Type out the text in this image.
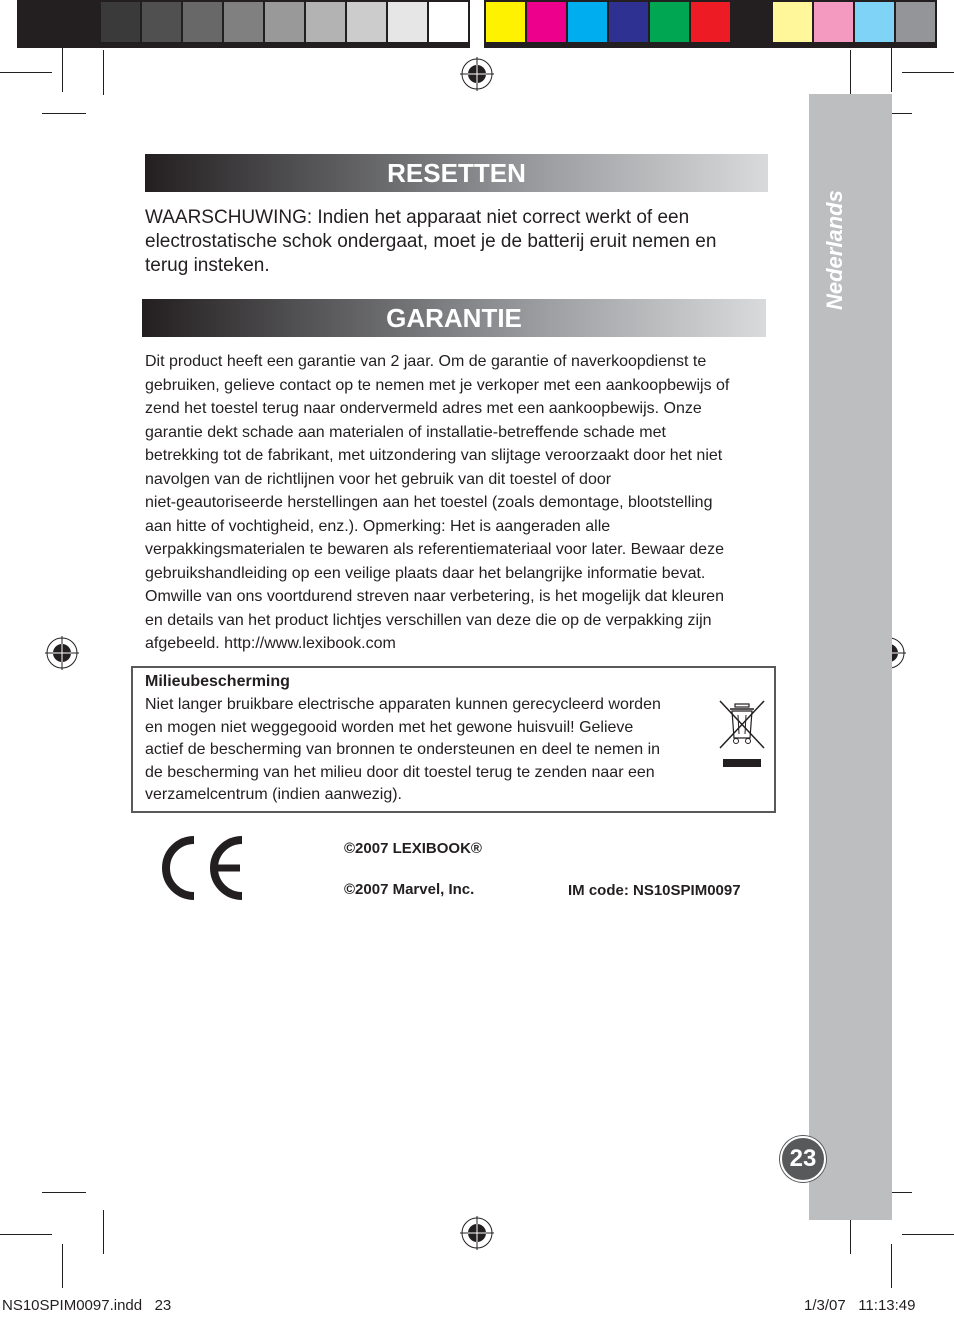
Nederlands
23
RESETTEN
WAARSCHUWING: Indien het apparaat niet correct werkt of een
electrostatische schok ondergaat, moet je de batterij eruit nemen en
terug insteken.
GARANTIE
Dit product heeft een garantie van 2 jaar. Om de garantie of naverkoopdienst te
gebruiken, gelieve contact op te nemen met je verkoper met een aankoopbewijs of
zend het toestel terug naar ondervermeld adres met een aankoopbewijs. Onze
garantie dekt schade aan materialen of installatie-betreffende schade met
betrekking tot de fabrikant, met uitzondering van slijtage veroorzaakt door het niet
navolgen van de richtlijnen voor het gebruik van dit toestel of door
niet-geautoriseerde herstellingen aan het toestel (zoals demontage, blootstelling
aan hitte of vochtigheid, enz.). Opmerking: Het is aangeraden alle
verpakkingsmaterialen te bewaren als referentiemateriaal voor later. Bewaar deze
gebruikshandleiding op een veilige plaats daar het belangrijke informatie bevat.
Omwille van ons voortdurend streven naar verbetering, is het mogelijk dat kleuren
en details van het product lichtjes verschillen van deze die op de verpakking zijn
afgebeeld. http://www.lexibook.com

Milieubescherming

Niet langer bruikbare electrische apparaten kunnen gerecycleerd worden
en mogen niet weggegooid worden met het gewone huisvuil! Gelieve
actief de bescherming van bronnen te ondersteunen en deel te nemen in
de bescherming van het milieu door dit toestel terug te zenden naar een
verzamelcentrum (indien aanwezig).

©2007 LEXIBOOK®

©2007 Marvel, Inc.	IM code: NS10SPIM0097

NS10SPIM0097.indd   23	1/3/07   11:13:49
